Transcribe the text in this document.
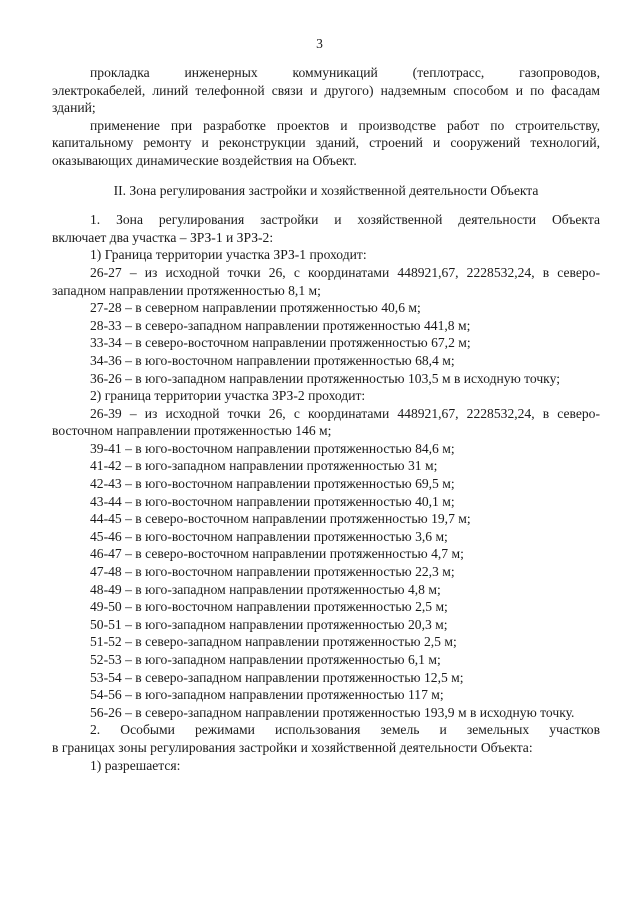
3

прокладка инженерных коммуникаций (теплотрасс, газопроводов,

электрокабелей, линий телефонной связи и другого) надземным способом и по фасадам зданий;

применение при разработке проектов и производстве работ по строительству, капитальному ремонту и реконструкции зданий, строений и сооружений технологий, оказывающих динамические воздействия на Объект.

II. Зона регулирования застройки и хозяйственной деятельности Объекта

1. Зона регулирования застройки и хозяйственной деятельности Объекта

включает два участка – ЗРЗ-1 и ЗРЗ-2:

1) Граница территории участка ЗРЗ-1 проходит:

26-27 – из исходной точки 26, с координатами 448921,67, 2228532,24, в северо-западном направлении протяженностью 8,1 м;

27-28 – в северном направлении протяженностью 40,6 м;

28-33 – в северо-западном направлении протяженностью 441,8 м;

33-34 – в северо-восточном направлении протяженностью 67,2 м;

34-36 – в юго-восточном направлении протяженностью 68,4 м;

36-26 – в юго-западном направлении протяженностью 103,5 м в исходную точку;

2) граница территории участка ЗРЗ-2 проходит:

26-39 – из исходной точки 26, с координатами 448921,67, 2228532,24, в северо-восточном направлении протяженностью 146 м;

39-41 – в юго-восточном направлении протяженностью 84,6 м;

41-42 – в юго-западном направлении протяженностью 31 м;

42-43 – в юго-восточном направлении протяженностью 69,5 м;

43-44 – в юго-восточном направлении протяженностью 40,1 м;

44-45 – в северо-восточном направлении протяженностью 19,7 м;

45-46 – в юго-восточном направлении протяженностью 3,6 м;

46-47 – в северо-восточном направлении протяженностью 4,7 м;

47-48 – в юго-восточном направлении протяженностью 22,3 м;

48-49 – в юго-западном направлении протяженностью 4,8 м;

49-50 – в юго-восточном направлении протяженностью 2,5 м;

50-51 – в юго-западном направлении протяженностью 20,3 м;

51-52 – в северо-западном направлении протяженностью 2,5 м;

52-53 – в юго-западном направлении протяженностью 6,1 м;

53-54 – в северо-западном направлении протяженностью 12,5 м;

54-56 – в юго-западном направлении протяженностью 117 м;

56-26 – в северо-западном направлении протяженностью 193,9 м в исходную точку.

2. Особыми режимами использования земель и земельных участков

в границах зоны регулирования застройки и хозяйственной деятельности Объекта:

1) разрешается:
